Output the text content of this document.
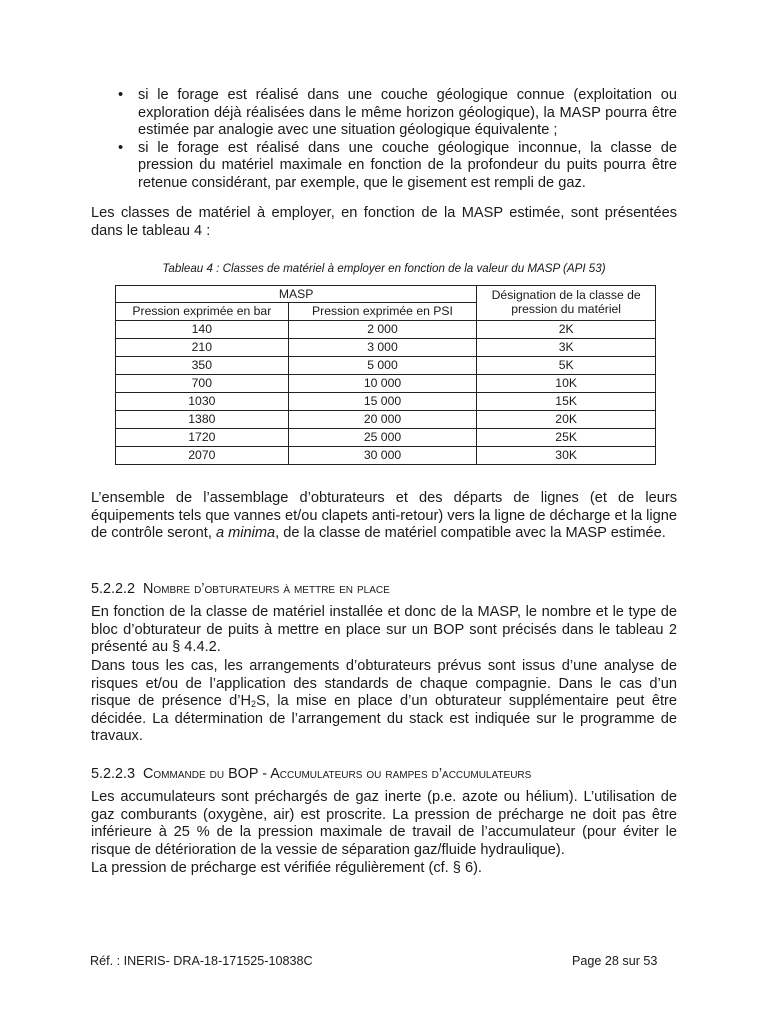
•	si le forage est réalisé dans une couche géologique connue (exploitation ou exploration déjà réalisées dans le même horizon géologique), la MASP pourra être estimée par analogie avec une situation géologique équivalente ;
•	si le forage est réalisé dans une couche géologique inconnue, la classe de pression du matériel maximale en fonction de la profondeur du puits pourra être retenue considérant, par exemple, que le gisement est rempli de gaz.

Les classes de matériel à employer, en fonction de la MASP estimée, sont présentées dans le tableau 4 :

Tableau 4 : Classes de matériel à employer en fonction de la valeur du MASP (API 53)
MASP		Désignation de la classe de pression du matériel
Pression exprimée en bar	Pression exprimée en PSI	
140	2 000	2K
210	3 000	3K
350	5 000	5K
700	10 000	10K
1030	15 000	15K
1380	20 000	20K
1720	25 000	25K
2070	30 000	30K

L’ensemble de l’assemblage d’obturateurs et des départs de lignes (et de leurs équipements tels que vannes et/ou clapets anti-retour) vers la ligne de décharge et la ligne de contrôle seront, a minima, de la classe de matériel compatible avec la MASP estimée.

5.2.2.2 Nombre d’obturateurs à mettre en place

En fonction de la classe de matériel installée et donc de la MASP, le nombre et le type de bloc d’obturateur de puits à mettre en place sur un BOP sont précisés dans le tableau 2 présenté au § 4.4.2.

Dans tous les cas, les arrangements d’obturateurs prévus sont issus d’une analyse de risques et/ou de l’application des standards de chaque compagnie. Dans le cas d’un risque de présence $d’H_2S$, la mise en place d’un obturateur supplémentaire peut être décidée. La détermination de l’arrangement du stack est indiquée sur le programme de travaux.

5.2.2.3 Commande du BOP - Accumulateurs ou rampes d’accumulateurs

Les accumulateurs sont préchargés de gaz inerte (p.e. azote ou hélium). L’utilisation de gaz comburants (oxygène, air) est proscrite. La pression de précharge ne doit pas être inférieure à 25 % de la pression maximale de travail de l’accumulateur (pour éviter le risque de détérioration de la vessie de séparation gaz/fluide hydraulique).

La pression de précharge est vérifiée régulièrement (cf. § 6).

Réf. : INERIS- DRA-18-171525-10838C	Page 28 sur 53
